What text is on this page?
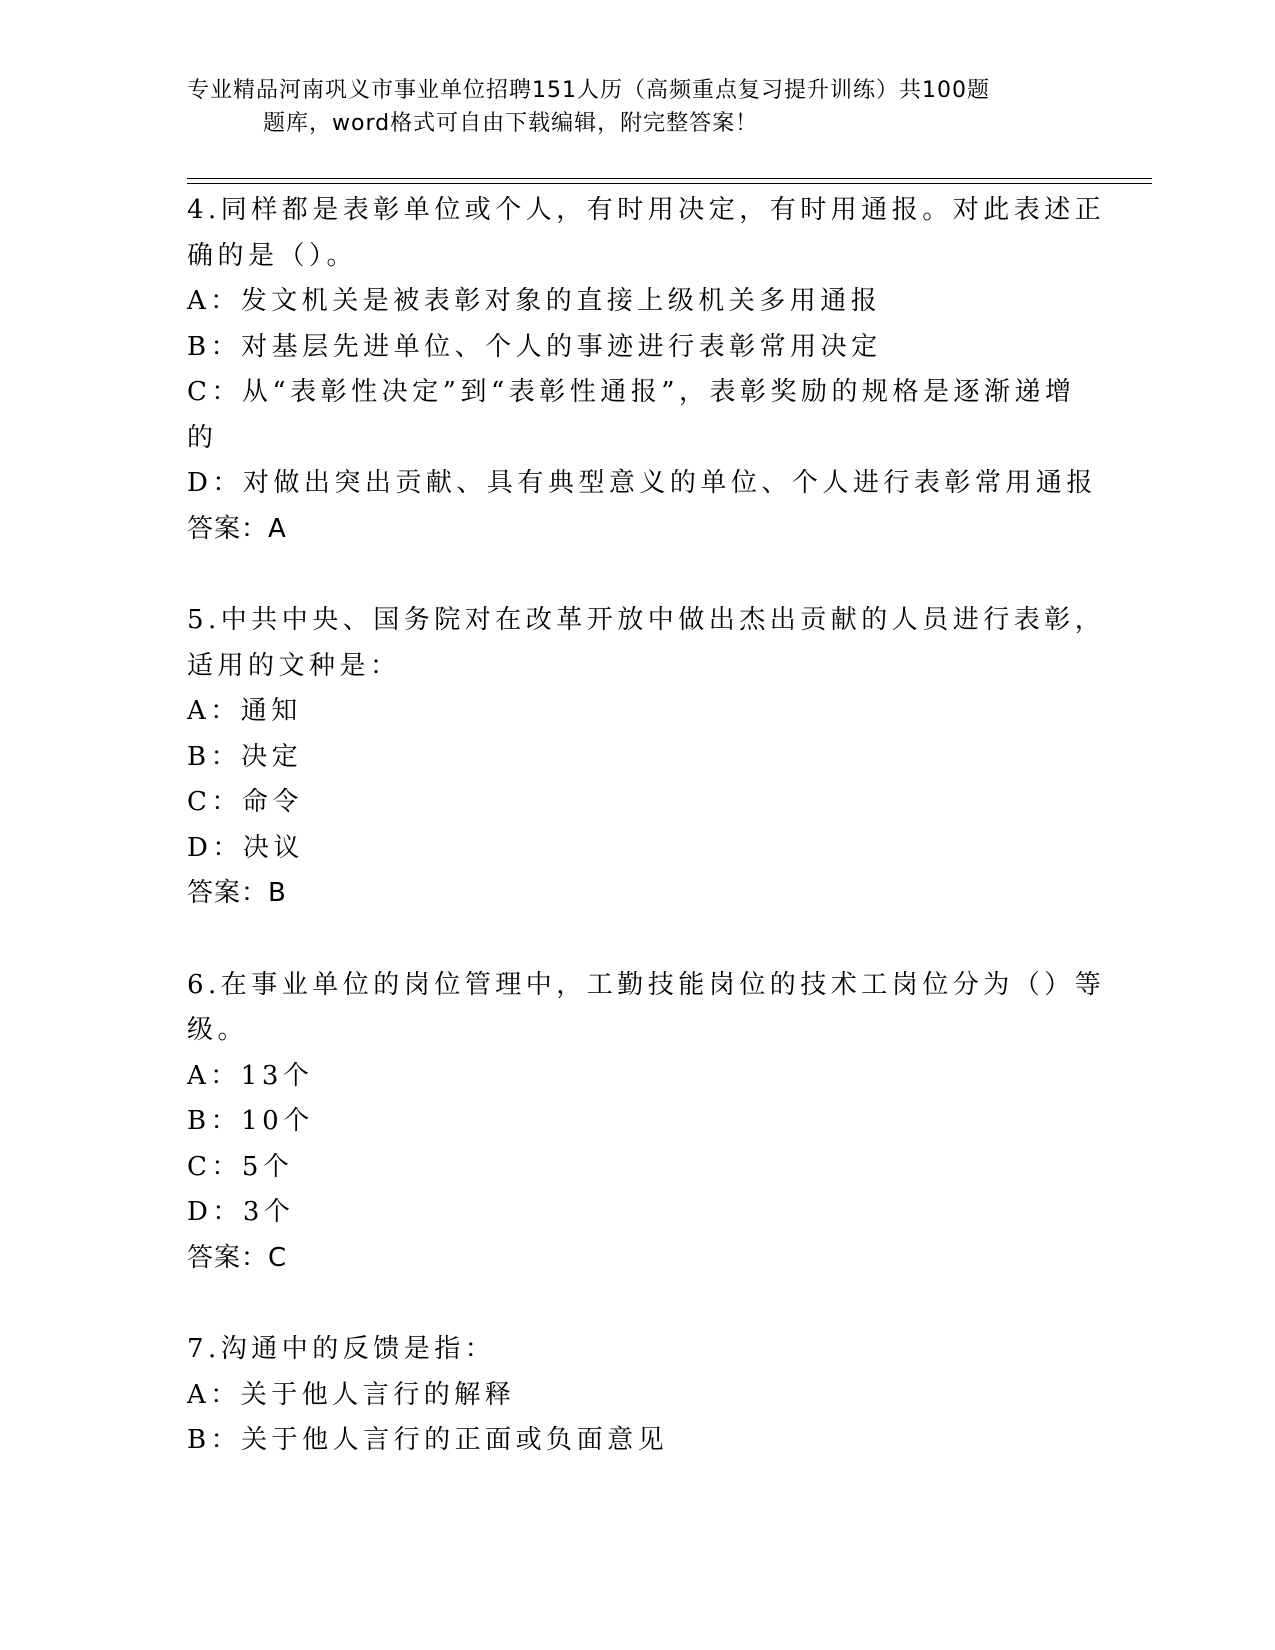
专业精品河南巩义市事业单位招聘151人历（高频重点复习提升训练）共100题
题库，word格式可自由下载编辑，附完整答案！
4.同样都是表彰单位或个人，有时用决定，有时用通报。对此表述正
确的是（）。
A：发文机关是被表彰对象的直接上级机关多用通报
B：对基层先进单位、个人的事迹进行表彰常用决定
C：从“表彰性决定”到“表彰性通报”，表彰奖励的规格是逐渐递增
的
D：对做出突出贡献、具有典型意义的单位、个人进行表彰常用通报
答案：A
5.中共中央、国务院对在改革开放中做出杰出贡献的人员进行表彰，
适用的文种是：
A：通知
B：决定
C：命令
D：决议
答案：B
6.在事业单位的岗位管理中，工勤技能岗位的技术工岗位分为（）等
级。
A：13个
B：10个
C：5个
D：3个
答案：C
7.沟通中的反馈是指：
A：关于他人言行的解释
B：关于他人言行的正面或负面意见
